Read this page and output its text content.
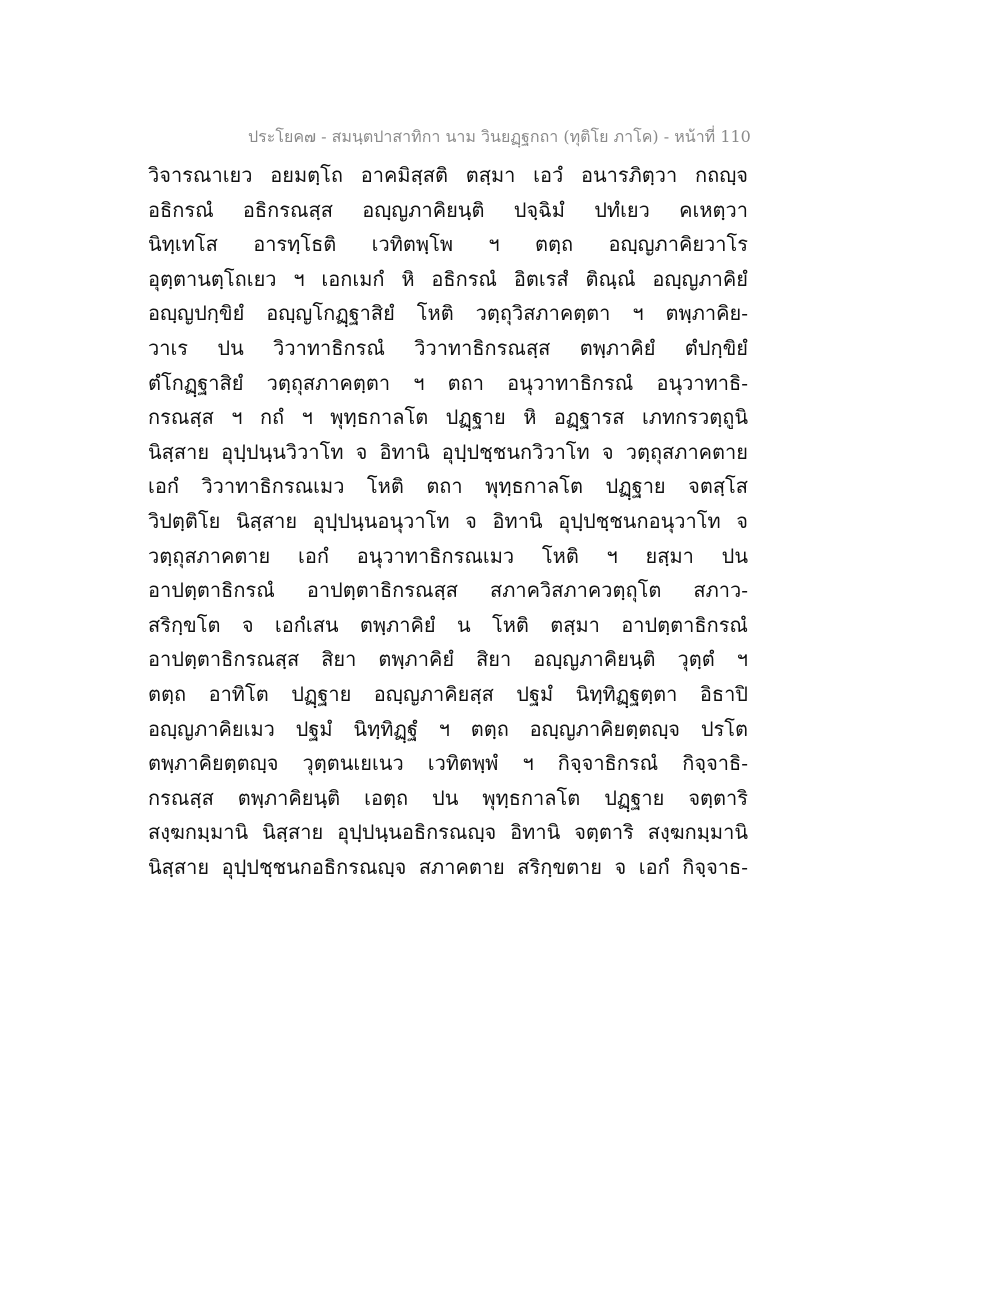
ประโยค๗ - สมนฺตปาสาทิกา นาม วินยฏฺฐกถา (ทุติโย ภาโค) - หน้าที่ 110
วิจารณาเยว อยมตฺโถ อาคมิสฺสติ ตสฺมา เอวํ อนารภิตฺวา กถญฺจ
อธิกรณํ อธิกรณสฺส อญฺญภาคิยนฺติ ปจฺฉิมํ ปทํเยว คเหตฺวา
นิทฺเทโส อารทฺโธติ เวทิตพฺโพ ฯ ตตฺถ อญฺญภาคิยวาโร
อุตฺตานตฺโถเยว ฯ เอกเมกํ หิ อธิกรณํ อิตเรสํ ติณฺณํ อญฺญภาคิยํ
อญฺญปกฺขิยํ อญฺญโกฏฺฐาสิยํ โหติ วตฺถุวิสภาคตฺตา ฯ ตพฺภาคิย-
วาเร ปน วิวาทาธิกรณํ วิวาทาธิกรณสฺส ตพฺภาคิยํ ตํปกฺขิยํ
ตํโกฏฺฐาสิยํ วตฺถุสภาคตฺตา ฯ ตถา อนุวาทาธิกรณํ อนุวาทาธิ-
กรณสฺส ฯ กถํ ฯ พุทฺธกาลโต ปฏฺฐาย หิ อฏฺฐารส เภทกรวตฺถูนิ
นิสฺสาย อุปฺปนฺนวิวาโท จ อิทานิ อุปฺปชฺชนกวิวาโท จ วตฺถุสภาคตาย
เอกํ วิวาทาธิกรณเมว โหติ ตถา พุทฺธกาลโต ปฏฺฐาย จตสฺโส
วิปตฺติโย นิสฺสาย อุปฺปนฺนอนุวาโท จ อิทานิ อุปฺปชฺชนกอนุวาโท จ
วตฺถุสภาคตาย เอกํ อนุวาทาธิกรณเมว โหติ ฯ ยสฺมา ปน
อาปตฺตาธิกรณํ อาปตฺตาธิกรณสฺส สภาควิสภาควตฺถุโต สภาว-
สริกฺขโต จ เอกํเสน ตพฺภาคิยํ น โหติ ตสฺมา อาปตฺตาธิกรณํ
อาปตฺตาธิกรณสฺส สิยา ตพฺภาคิยํ สิยา อญฺญภาคิยนฺติ วุตฺตํ ฯ
ตตฺถ อาทิโต ปฏฺฐาย อญฺญภาคิยสฺส ปฐมํ นิทฺทิฏฺฐตฺตา อิธาปิ
อญฺญภาคิยเมว ปฐมํ นิทฺทิฏฺฐํ ฯ ตตฺถ อญฺญภาคิยตฺตญฺจ ปรโต
ตพฺภาคิยตฺตญฺจ วุตฺตนเยเนว เวทิตพฺพํ ฯ กิจฺจาธิกรณํ กิจฺจาธิ-
กรณสฺส ตพฺภาคิยนฺติ เอตฺถ ปน พุทฺธกาลโต ปฏฺฐาย จตฺตาริ
สงฺฆกมฺมานิ นิสฺสาย อุปฺปนฺนอธิกรณญฺจ อิทานิ จตฺตาริ สงฺฆกมฺมานิ
นิสฺสาย อุปฺปชฺชนกอธิกรณญฺจ สภาคตาย สริกฺขตาย จ เอกํ กิจฺจาธ-
